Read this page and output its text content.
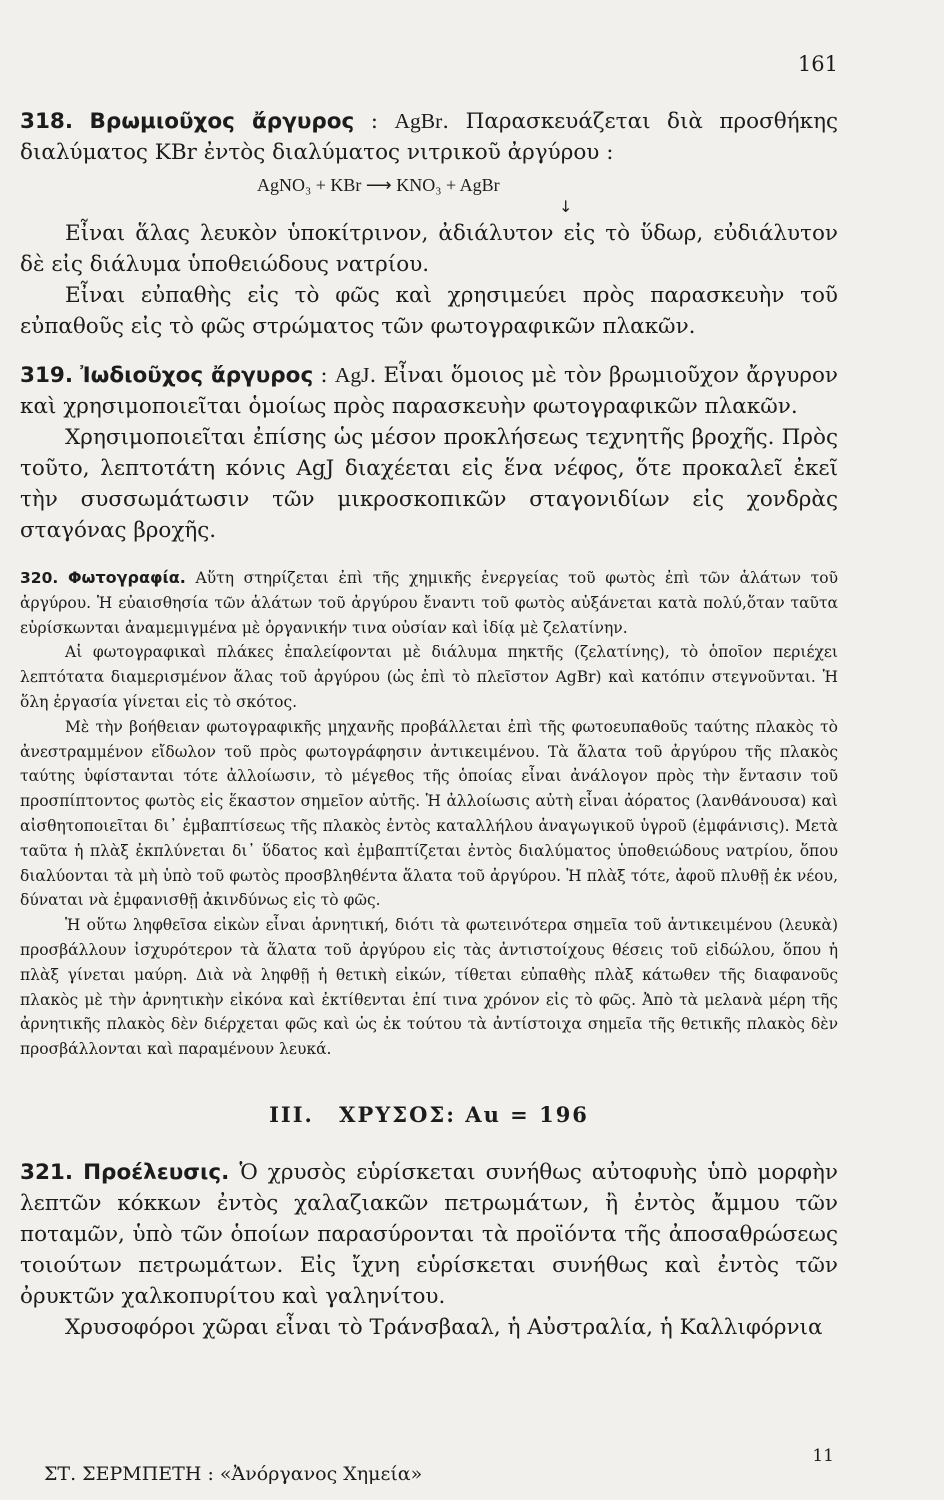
161

318. Βρωμιοῦχος ἄργυρος : AgBr. Παρασκευάζεται διὰ προσθήκης διαλύματος KBr ἐντὸς διαλύματος νιτρικοῦ ἀργύρου :

AgNO₃ + KBr ⟶ KNO₃ + AgBr
↓

Εἶναι ἅλας λευκὸν ὑποκίτρινον, ἀδιάλυτον εἰς τὸ ὕδωρ, εὐδιάλυτον δὲ εἰς διάλυμα ὑποθειώδους νατρίου.

Εἶναι εὐπαθὴς εἰς τὸ φῶς καὶ χρησιμεύει πρὸς παρασκευὴν τοῦ εὐπαθοῦς εἰς τὸ φῶς στρώματος τῶν φωτογραφικῶν πλακῶν.

319. Ἰωδιοῦχος ἄργυρος : AgJ. Εἶναι ὅμοιος μὲ τὸν βρωμιοῦχον ἄργυρον καὶ χρησιμοποιεῖται ὁμοίως πρὸς παρασκευὴν φωτογραφικῶν πλακῶν.

Χρησιμοποιεῖται ἐπίσης ὡς μέσον προκλήσεως τεχνητῆς βροχῆς. Πρὸς τοῦτο, λεπτοτάτη κόνις AgJ διαχέεται εἰς ἕνα νέφος, ὅτε προκαλεῖ ἐκεῖ τὴν συσσωμάτωσιν τῶν μικροσκοπικῶν σταγονιδίων εἰς χονδρὰς σταγόνας βροχῆς.

320. Φωτογραφία. Αὕτη στηρίζεται ἐπὶ τῆς χημικῆς ἐνεργείας τοῦ φωτὸς ἐπὶ τῶν ἁλάτων τοῦ ἀργύρου. Ἡ εὐαισθησία τῶν ἁλάτων τοῦ ἀργύρου ἔναντι τοῦ φωτὸς αὐξάνεται κατὰ πολύ,ὅταν ταῦτα εὑρίσκωνται ἀναμεμιγμένα μὲ ὀργανικήν τινα οὐσίαν καὶ ἰδίᾳ μὲ ζελατίνην.

Αἱ φωτογραφικαὶ πλάκες ἐπαλείφονται μὲ διάλυμα πηκτῆς (ζελατίνης), τὸ ὁποῖον περιέχει λεπτότατα διαμερισμένον ἅλας τοῦ ἀργύρου (ὡς ἐπὶ τὸ πλεῖστον AgBr) καὶ κατόπιν στεγνοῦνται. Ἡ ὅλη ἐργασία γίνεται εἰς τὸ σκότος.

Μὲ τὴν βοήθειαν φωτογραφικῆς μηχανῆς προβάλλεται ἐπὶ τῆς φωτοευπαθοῦς ταύτης πλακὸς τὸ ἀνεστραμμένον εἴδωλον τοῦ πρὸς φωτογράφησιν ἀντικειμένου. Τὰ ἅλατα τοῦ ἀργύρου τῆς πλακὸς ταύτης ὑφίστανται τότε ἀλλοίωσιν, τὸ μέγεθος τῆς ὁποίας εἶναι ἀνάλογον πρὸς τὴν ἔντασιν τοῦ προσπίπτοντος φωτὸς εἰς ἕκαστον σημεῖον αὐτῆς. Ἡ ἀλλοίωσις αὐτὴ εἶναι ἀόρατος (λανθάνουσα) καὶ αἰσθητοποιεῖται δι᾽ ἐμβαπτίσεως τῆς πλακὸς ἐντὸς καταλλήλου ἀναγωγικοῦ ὑγροῦ (ἐμφάνισις). Μετὰ ταῦτα ἡ πλὰξ ἐκπλύνεται δι᾽ ὕδατος καὶ ἐμβαπτίζεται ἐντὸς διαλύματος ὑποθειώδους νατρίου, ὅπου διαλύονται τὰ μὴ ὑπὸ τοῦ φωτὸς προσβληθέντα ἅλατα τοῦ ἀργύρου. Ἡ πλὰξ τότε, ἀφοῦ πλυθῇ ἐκ νέου, δύναται νὰ ἐμφανισθῇ ἀκινδύνως εἰς τὸ φῶς.

Ἡ οὕτω ληφθεῖσα εἰκὼν εἶναι ἀρνητική, διότι τὰ φωτεινότερα σημεῖα τοῦ ἀντικειμένου (λευκὰ) προσβάλλουν ἰσχυρότερον τὰ ἅλατα τοῦ ἀργύρου εἰς τὰς ἀντιστοίχους θέσεις τοῦ εἰδώλου, ὅπου ἡ πλὰξ γίνεται μαύρη. Διὰ νὰ ληφθῇ ἡ θετικὴ εἰκών, τίθεται εὐπαθὴς πλὰξ κάτωθεν τῆς διαφανοῦς πλακὸς μὲ τὴν ἀρνητικὴν εἰκόνα καὶ ἐκτίθενται ἐπί τινα χρόνον εἰς τὸ φῶς. Ἀπὸ τὰ μελανὰ μέρη τῆς ἀρνητικῆς πλακὸς δὲν διέρχεται φῶς καὶ ὡς ἐκ τούτου τὰ ἀντίστοιχα σημεῖα τῆς θετικῆς πλακὸς δὲν προσβάλλονται καὶ παραμένουν λευκά.

III. ΧΡΥΣΟΣ: Au = 196

321. Προέλευσις. Ὁ χρυσὸς εὑρίσκεται συνήθως αὐτοφυὴς ὑπὸ μορφὴν λεπτῶν κόκκων ἐντὸς χαλαζιακῶν πετρωμάτων, ἢ ἐντὸς ἄμμου τῶν ποταμῶν, ὑπὸ τῶν ὁποίων παρασύρονται τὰ προϊόντα τῆς ἀποσαθρώσεως τοιούτων πετρωμάτων. Εἰς ἴχνη εὑρίσκεται συνήθως καὶ ἐντὸς τῶν ὀρυκτῶν χαλκοπυρίτου καὶ γαληνίτου.

Χρυσοφόροι χῶραι εἶναι τὸ Τράνσβααλ, ἡ Αὐστραλία, ἡ Καλλιφόρνια

11
ΣΤ. ΣΕΡΜΠΕΤΗ : «Ἀνόργανος Χημεία»
